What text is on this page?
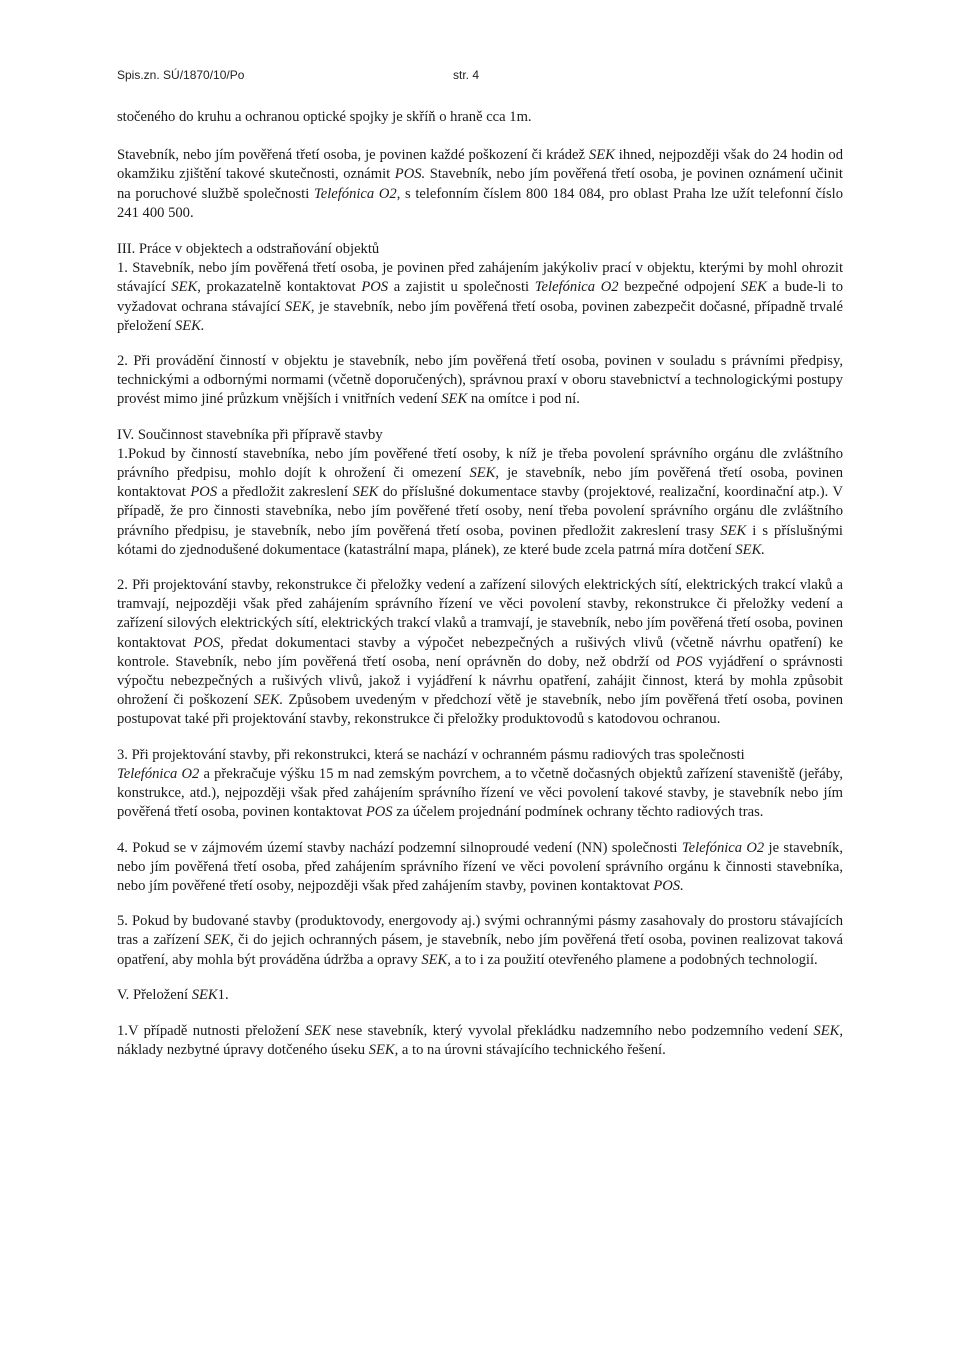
Spis.zn. SÚ/1870/10/Po	str. 4

stočeného do kruhu a ochranou optické spojky je skříň o hraně cca 1m.

Stavebník, nebo jím pověřená třetí osoba, je povinen každé poškození či krádež SEK ihned, nejpozději však do 24 hodin od okamžiku zjištění takové skutečnosti, oznámit POS. Stavebník, nebo jím pověřená třetí osoba, je povinen oznámení učinit na poruchové službě společnosti Telefónica O2, s telefonním číslem 800 184 084, pro oblast Praha lze užít telefonní číslo 241 400 500.

III. Práce v objektech a odstraňování objektů

1. Stavebník, nebo jím pověřená třetí osoba, je povinen před zahájením jakýkoliv prací v objektu, kterými by mohl ohrozit stávající SEK, prokazatelně kontaktovat POS a zajistit u společnosti Telefónica O2 bezpečné odpojení SEK a bude-li to vyžadovat ochrana stávající SEK, je stavebník, nebo jím pověřená třetí osoba, povinen zabezpečit dočasné, případně trvalé přeložení SEK.

2. Při provádění činností v objektu je stavebník, nebo jím pověřená třetí osoba, povinen v souladu s právními předpisy, technickými a odbornými normami (včetně doporučených), správnou praxí v oboru stavebnictví a technologickými postupy provést mimo jiné průzkum vnějších i vnitřních vedení SEK na omítce i pod ní.

IV. Součinnost stavebníka při přípravě stavby

1.Pokud by činností stavebníka, nebo jím pověřené třetí osoby, k níž je třeba povolení správního orgánu dle zvláštního právního předpisu, mohlo dojít k ohrožení či omezení SEK, je stavebník, nebo jím pověřená třetí osoba, povinen kontaktovat POS a předložit zakreslení SEK do příslušné dokumentace stavby (projektové, realizační, koordinační atp.). V případě, že pro činnosti stavebníka, nebo jím pověřené třetí osoby, není třeba povolení správního orgánu dle zvláštního právního předpisu, je stavebník, nebo jím pověřená třetí osoba, povinen předložit zakreslení trasy SEK i s příslušnými kótami do zjednodušené dokumentace (katastrální mapa, plánek), ze které bude zcela patrná míra dotčení SEK.

2. Při projektování stavby, rekonstrukce či přeložky vedení a zařízení silových elektrických sítí, elektrických trakcí vlaků a tramvají, nejpozději však před zahájením správního řízení ve věci povolení stavby, rekonstrukce či přeložky vedení a zařízení silových elektrických sítí, elektrických trakcí vlaků a tramvají, je stavebník, nebo jím pověřená třetí osoba, povinen kontaktovat POS, předat dokumentaci stavby a výpočet nebezpečných a rušivých vlivů (včetně návrhu opatření) ke kontrole. Stavebník, nebo jím pověřená třetí osoba, není oprávněn do doby, než obdrží od POS vyjádření o správnosti výpočtu nebezpečných a rušivých vlivů, jakož i vyjádření k návrhu opatření, zahájit činnost, která by mohla způsobit ohrožení či poškození SEK. Způsobem uvedeným v předchozí větě je stavebník, nebo jím pověřená třetí osoba, povinen postupovat také při projektování stavby, rekonstrukce či přeložky produktovodů s katodovou ochranou.

3. Při projektování stavby, při rekonstrukci, která se nachází v ochranném pásmu radiových tras společnosti
Telefónica O2 a překračuje výšku 15 m nad zemským povrchem, a to včetně dočasných objektů zařízení staveniště (jeřáby, konstrukce, atd.), nejpozději však před zahájením správního řízení ve věci povolení takové stavby, je stavebník nebo jím pověřená třetí osoba, povinen kontaktovat POS za účelem projednání podmínek ochrany těchto radiových tras.

4. Pokud se v zájmovém území stavby nachází podzemní silnoproudé vedení (NN) společnosti Telefónica O2 je stavebník, nebo jím pověřená třetí osoba, před zahájením správního řízení ve věci povolení správního orgánu k činnosti stavebníka, nebo jím pověřené třetí osoby, nejpozději však před zahájením stavby, povinen kontaktovat POS.

5. Pokud by budované stavby (produktovody, energovody aj.) svými ochrannými pásmy zasahovaly do prostoru stávajících tras a zařízení SEK, či do jejich ochranných pásem, je stavebník, nebo jím pověřená třetí osoba, povinen realizovat taková opatření, aby mohla být prováděna údržba a opravy SEK, a to i za použití otevřeného plamene a podobných technologií.

V. Přeložení SEK1.

1.V případě nutnosti přeložení SEK nese stavebník, který vyvolal překládku nadzemního nebo podzemního vedení SEK, náklady nezbytné úpravy dotčeného úseku SEK, a to na úrovni stávajícího technického řešení.
